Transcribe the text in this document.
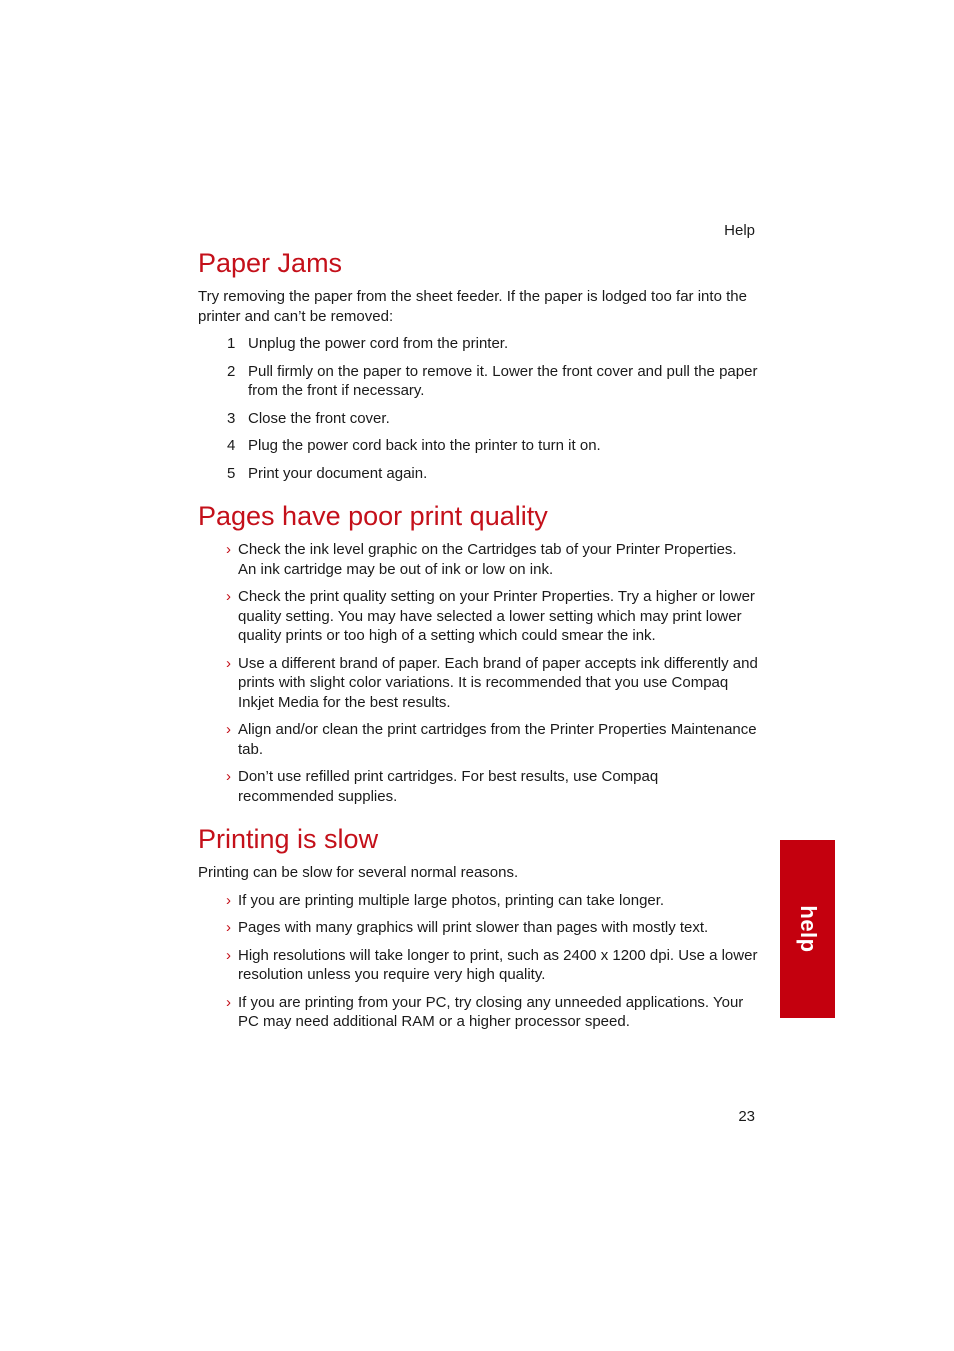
Help
Paper Jams

Try removing the paper from the sheet feeder. If the paper is lodged too far into the printer and can’t be removed:

1 Unplug the power cord from the printer.
2 Pull firmly on the paper to remove it. Lower the front cover and pull the paper from the front if necessary.
3 Close the front cover.
4 Plug the power cord back into the printer to turn it on.
5 Print your document again.
Pages have poor print quality
› Check the ink level graphic on the Cartridges tab of your Printer Properties. An ink cartridge may be out of ink or low on ink.
› Check the print quality setting on your Printer Properties. Try a higher or lower quality setting. You may have selected a lower setting which may print lower quality prints or too high of a setting which could smear the ink.
› Use a different brand of paper. Each brand of paper accepts ink differently and prints with slight color variations. It is recommended that you use Compaq Inkjet Media for the best results.
› Align and/or clean the print cartridges from the Printer Properties Maintenance tab.
› Don’t use refilled print cartridges. For best results, use Compaq recommended supplies.
Printing is slow

Printing can be slow for several normal reasons.

› If you are printing multiple large photos, printing can take longer.
› Pages with many graphics will print slower than pages with mostly text.
› High resolutions will take longer to print, such as 2400 x 1200 dpi. Use a lower resolution unless you require very high quality.
› If you are printing from your PC, try closing any unneeded applications. Your PC may need additional RAM or a higher processor speed.
help
23
